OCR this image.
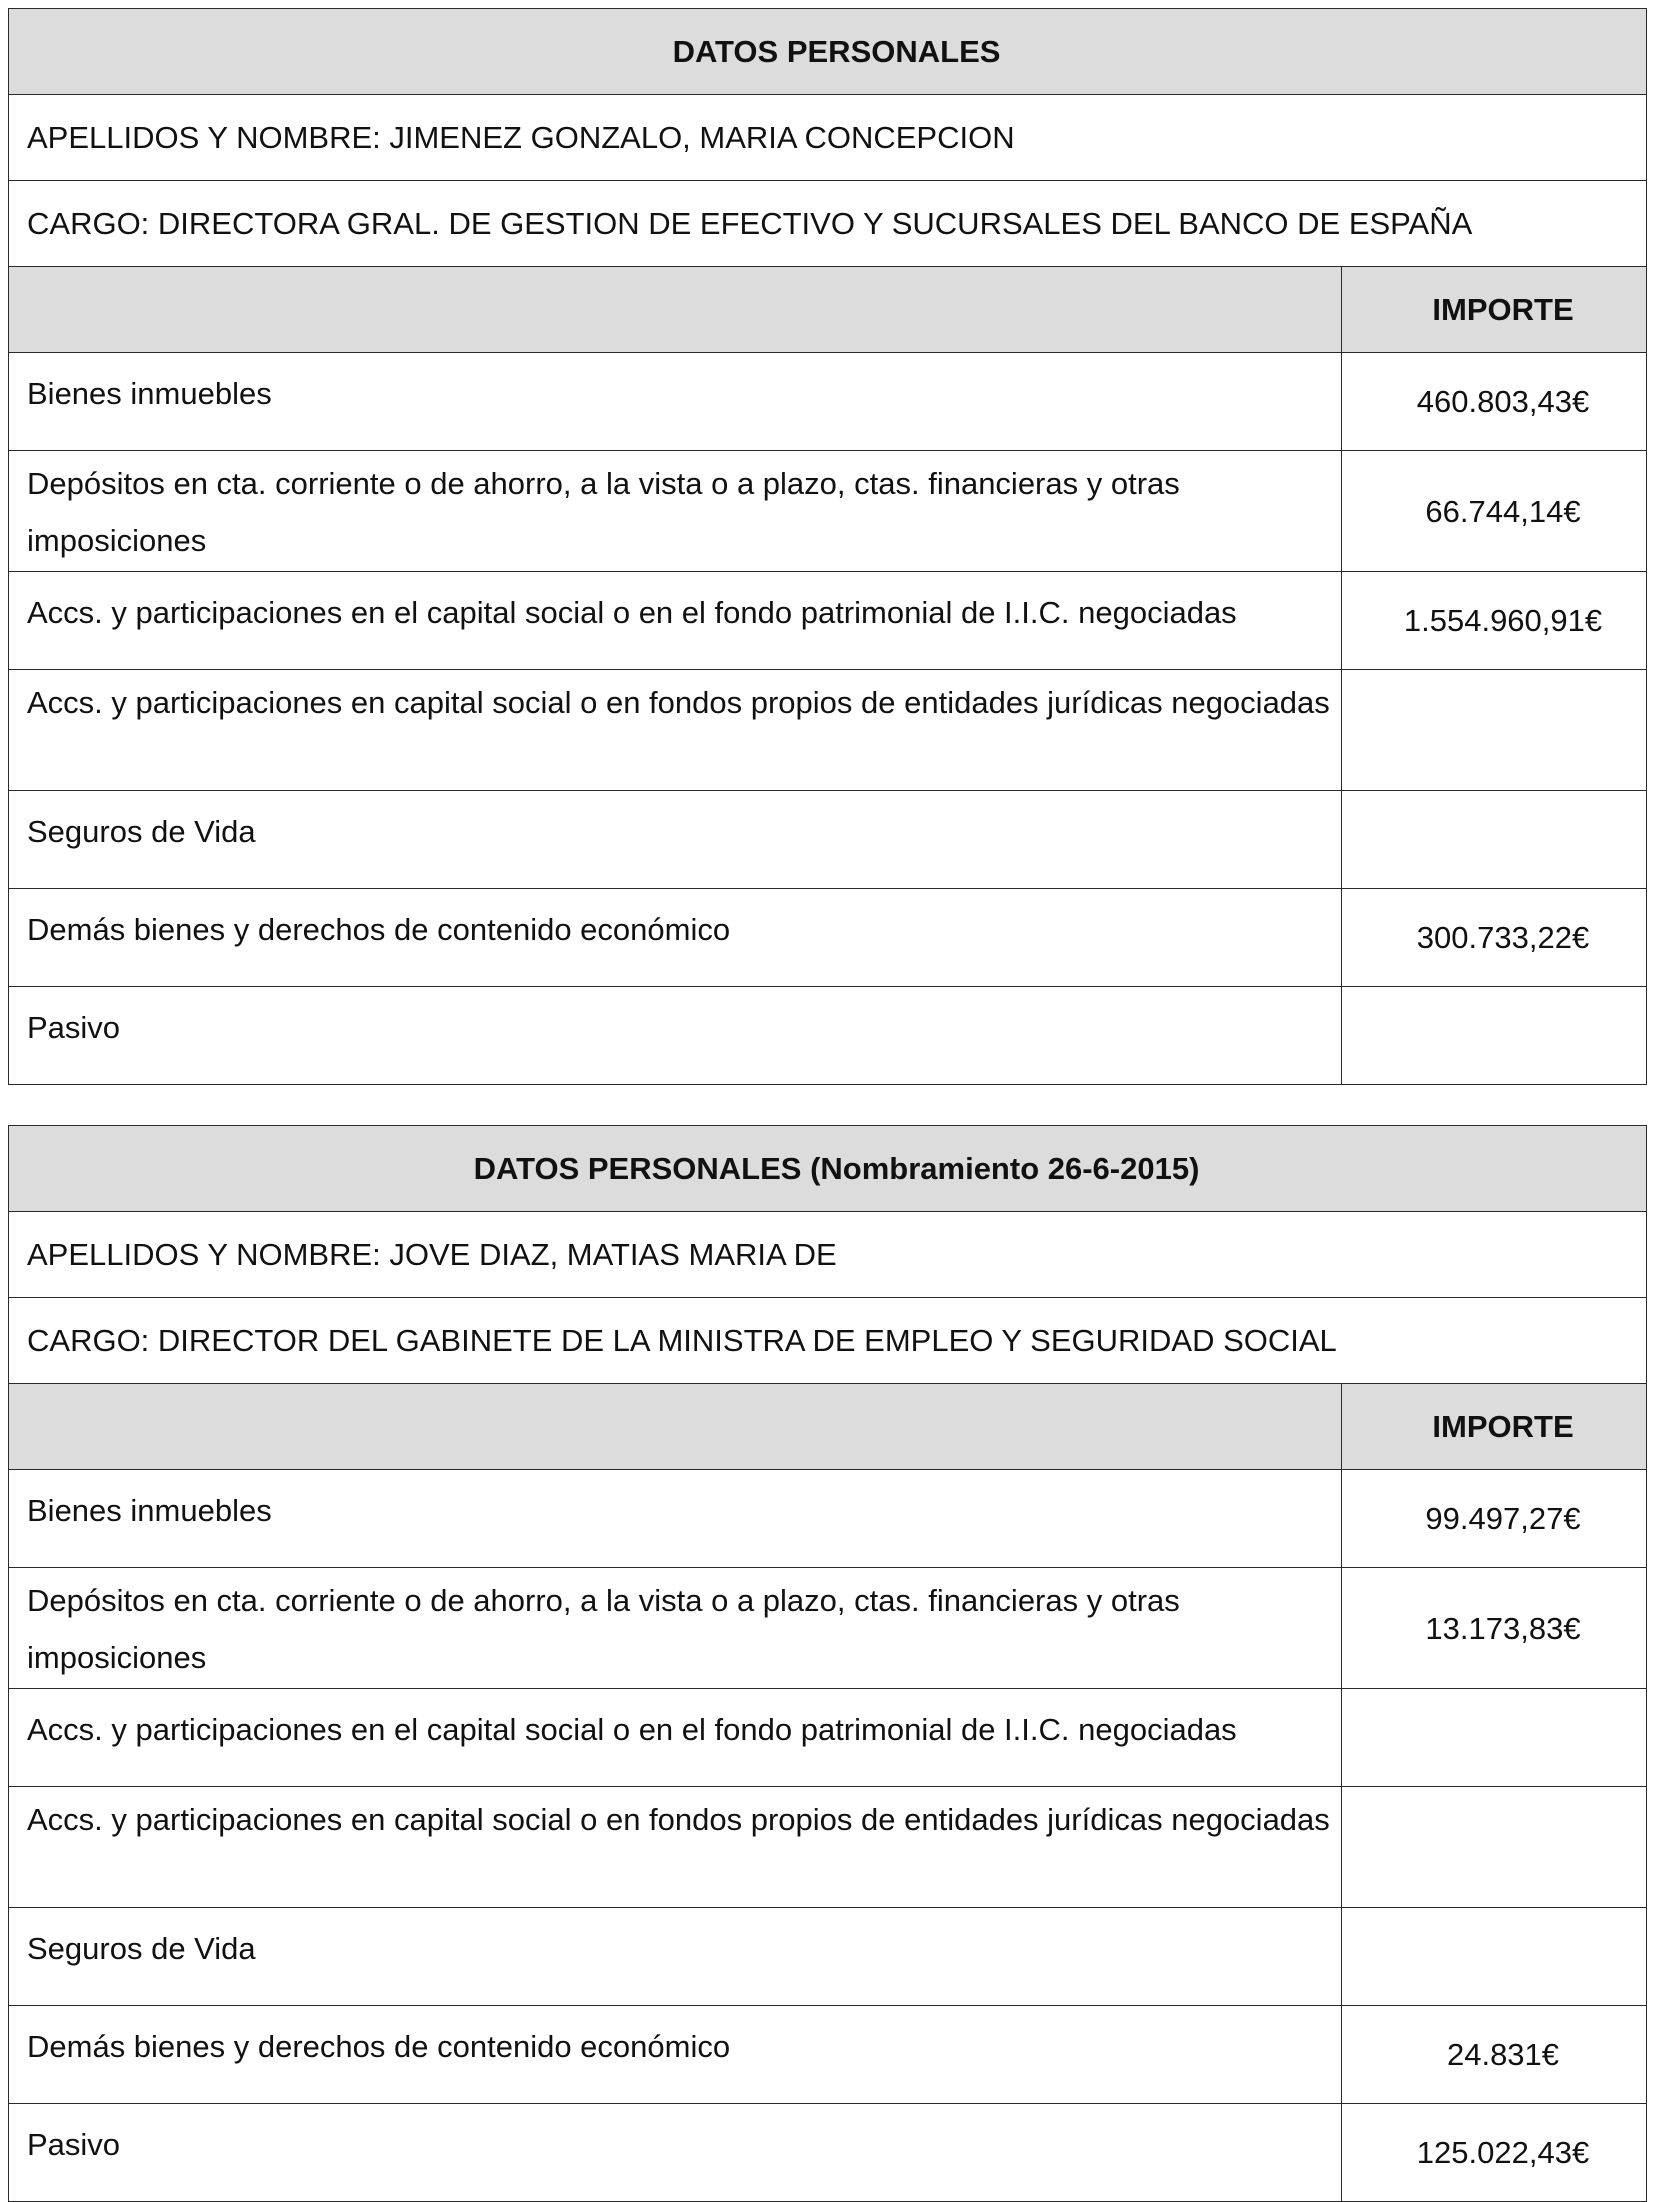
DATOS PERSONALES	
APELLIDOS Y NOMBRE: JIMENEZ GONZALO, MARIA CONCEPCION	
CARGO: DIRECTORA GRAL. DE GESTION DE EFECTIVO Y SUCURSALES DEL BANCO DE ESPAÑA	
	IMPORTE
Bienes inmuebles	460.803,43€
Depósitos en cta. corriente o de ahorro, a la vista o a plazo, ctas. financieras y otras imposiciones	66.744,14€
Accs. y participaciones en el capital social o en el fondo patrimonial de I.I.C. negociadas	1.554.960,91€
Accs. y participaciones en capital social o en fondos propios de entidades jurídicas negociadas	
Seguros de Vida	
Demás bienes y derechos de contenido económico	300.733,22€
Pasivo	
DATOS PERSONALES (Nombramiento 26-6-2015)	
APELLIDOS Y NOMBRE: JOVE DIAZ, MATIAS MARIA DE	
CARGO: DIRECTOR DEL GABINETE DE LA MINISTRA DE EMPLEO Y SEGURIDAD SOCIAL	
	IMPORTE
Bienes inmuebles	99.497,27€
Depósitos en cta. corriente o de ahorro, a la vista o a plazo, ctas. financieras y otras imposiciones	13.173,83€
Accs. y participaciones en el capital social o en el fondo patrimonial de I.I.C. negociadas	
Accs. y participaciones en capital social o en fondos propios de entidades jurídicas negociadas	
Seguros de Vida	
Demás bienes y derechos de contenido económico	24.831€
Pasivo	125.022,43€
